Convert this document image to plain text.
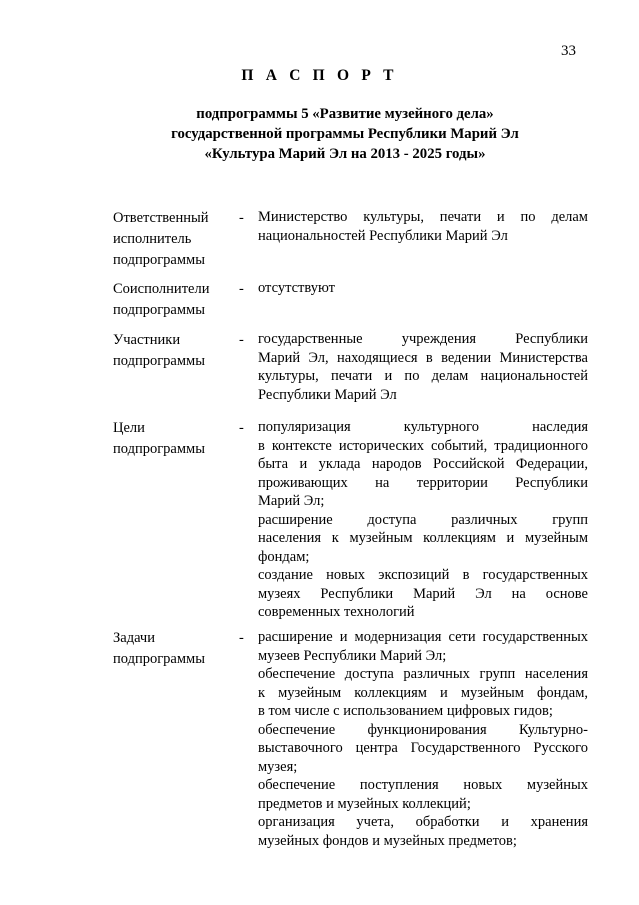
33
П А С П О Р Т
подпрограммы 5 «Развитие музейного дела»
государственной программы Республики Марий Эл
«Культура Марий Эл на 2013 - 2025 годы»
Ответственный
исполнитель
подпрограммы
- Министерство культуры, печати и по делам
национальностей Республики Марий Эл
Соисполнители
подпрограммы
- отсутствуют
Участники
подпрограммы
- государственные учреждения Республики
Марий Эл, находящиеся в ведении Министерства
культуры, печати и по делам национальностей
Республики Марий Эл
Цели
подпрограммы
- популяризация культурного наследия
в контексте исторических событий, традиционного
быта и уклада народов Российской Федерации,
проживающих на территории Республики
Марий Эл;
расширение доступа различных групп
населения к музейным коллекциям и музейным
фондам;
создание новых экспозиций в государственных
музеях Республики Марий Эл на основе
современных технологий
Задачи
подпрограммы
- расширение и модернизация сети государственных
музеев Республики Марий Эл;
обеспечение доступа различных групп населения
к музейным коллекциям и музейным фондам,
в том числе с использованием цифровых гидов;
обеспечение функционирования Культурно-
выставочного центра Государственного Русского
музея;
обеспечение поступления новых музейных
предметов и музейных коллекций;
организация учета, обработки и хранения
музейных фондов и музейных предметов;
